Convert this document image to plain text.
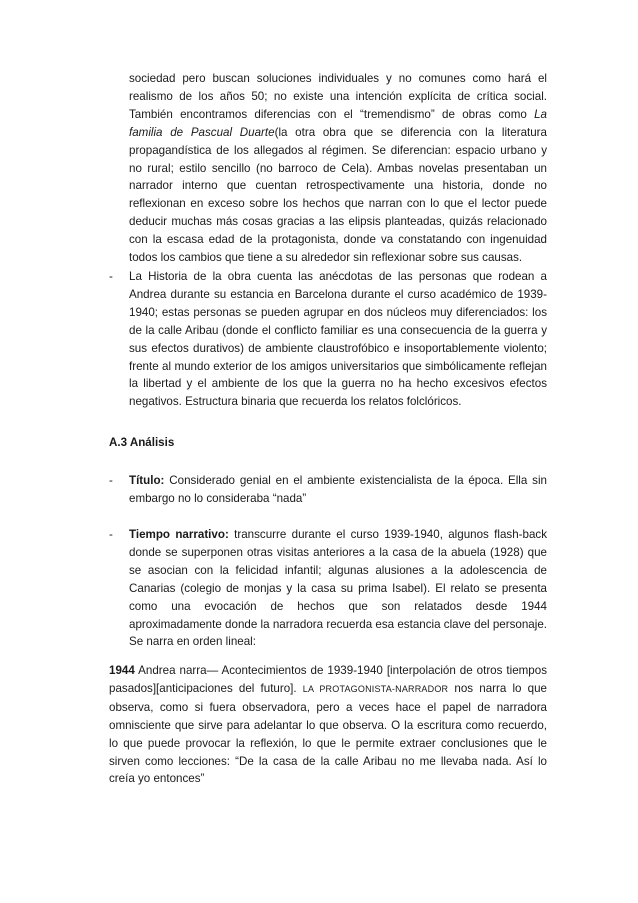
sociedad pero buscan soluciones individuales y no comunes como hará el realismo de los años 50; no existe una intención explícita de crítica social. También encontramos diferencias con el “tremendismo” de obras como La familia de Pascual Duarte(la otra obra que se diferencia con la literatura propagandística de los allegados al régimen. Se diferencian: espacio urbano y no rural; estilo sencillo (no barroco de Cela). Ambas novelas presentaban un narrador interno que cuentan retrospectivamente una historia, donde no reflexionan en exceso sobre los hechos que narran con lo que el lector puede deducir muchas más cosas gracias a las elipsis planteadas, quizás relacionado con la escasa edad de la protagonista, donde va constatando con ingenuidad todos los cambios que tiene a su alrededor sin reflexionar sobre sus causas.
-	La Historia de la obra cuenta las anécdotas de las personas que rodean a Andrea durante su estancia en Barcelona durante el curso académico de 1939-1940; estas personas se pueden agrupar en dos núcleos muy diferenciados: los de la calle Aribau (donde el conflicto familiar es una consecuencia de la guerra y sus efectos durativos) de ambiente claustrofóbico e insoportablemente violento; frente al mundo exterior de los amigos universitarios que simbólicamente reflejan la libertad y el ambiente de los que la guerra no ha hecho excesivos efectos negativos. Estructura binaria que recuerda los relatos folclóricos.
A.3 Análisis
-	Título: Considerado genial en el ambiente existencialista de la época. Ella sin embargo no lo consideraba “nada”
-	Tiempo narrativo: transcurre durante el curso 1939-1940, algunos flash-back donde se superponen otras visitas anteriores a la casa de la abuela (1928) que se asocian con la felicidad infantil; algunas alusiones a la adolescencia de Canarias (colegio de monjas y la casa su prima Isabel). El relato se presenta como una evocación de hechos que son relatados desde 1944 aproximadamente donde la narradora recuerda esa estancia clave del personaje. Se narra en orden lineal:
1944 Andrea narra— Acontecimientos de 1939-1940 [interpolación de otros tiempos pasados][anticipaciones del futuro]. LA PROTAGONISTA-NARRADOR nos narra lo que observa, como si fuera observadora, pero a veces hace el papel de narradora omnisciente que sirve para adelantar lo que observa. O la escritura como recuerdo, lo que puede provocar la reflexión, lo que le permite extraer conclusiones que le sirven como lecciones: “De la casa de la calle Aribau no me llevaba nada. Así lo creía yo entonces”
